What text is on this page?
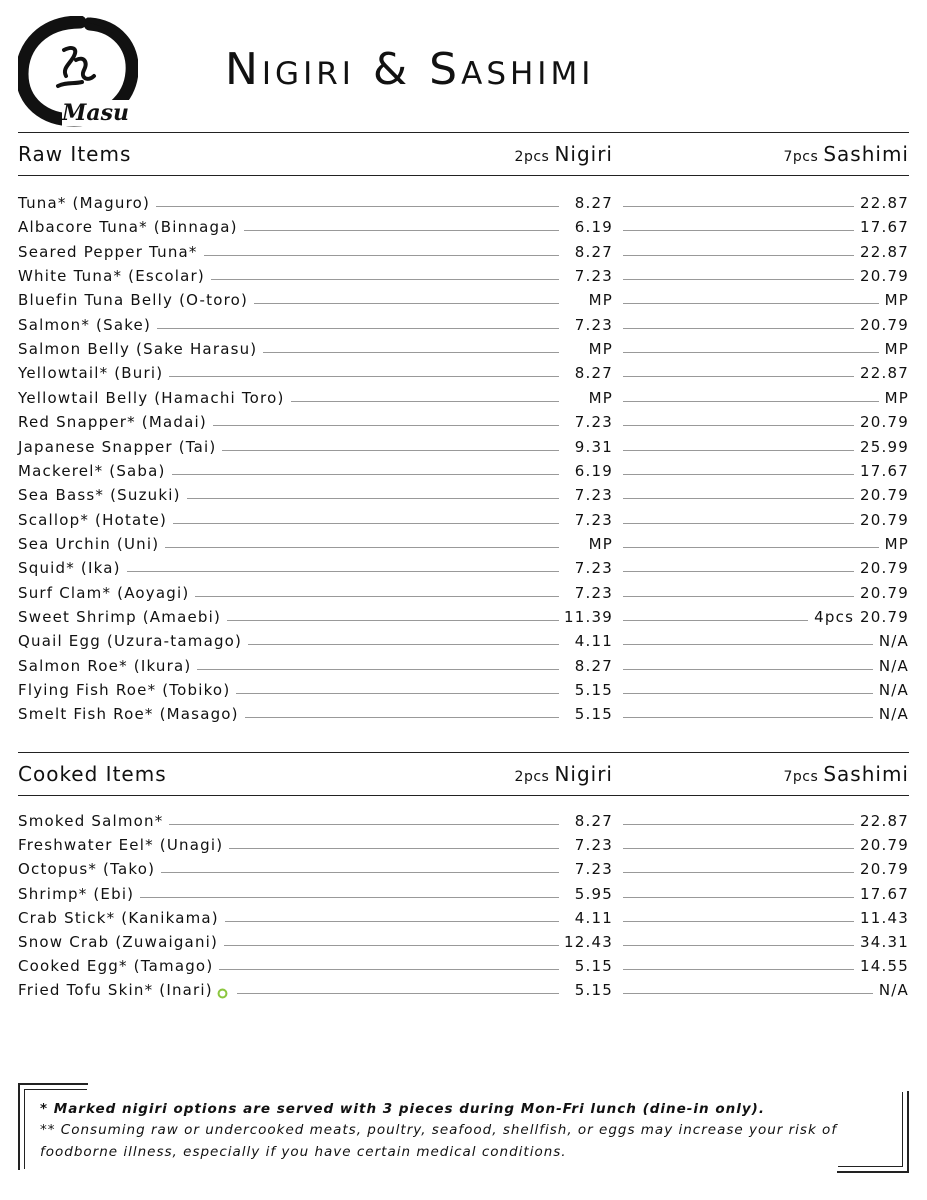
Masu
Nigiri & Sashimi
Raw Items	2pcs Nigiri	7pcs Sashimi
Tuna* (Maguro)	8.27	22.87
Albacore Tuna* (Binnaga)	6.19	17.67
Seared Pepper Tuna*	8.27	22.87
White Tuna* (Escolar)	7.23	20.79
Bluefin Tuna Belly (O-toro)	MP	MP
Salmon* (Sake)	7.23	20.79
Salmon Belly (Sake Harasu)	MP	MP
Yellowtail* (Buri)	8.27	22.87
Yellowtail Belly (Hamachi Toro)	MP	MP
Red Snapper* (Madai)	7.23	20.79
Japanese Snapper (Tai)	9.31	25.99
Mackerel* (Saba)	6.19	17.67
Sea Bass* (Suzuki)	7.23	20.79
Scallop* (Hotate)	7.23	20.79
Sea Urchin (Uni)	MP	MP
Squid* (Ika)	7.23	20.79
Surf Clam* (Aoyagi)	7.23	20.79
Sweet Shrimp (Amaebi)	11.39	4pcs 20.79
Quail Egg (Uzura-tamago)	4.11	N/A
Salmon Roe* (Ikura)	8.27	N/A
Flying Fish Roe* (Tobiko)	5.15	N/A
Smelt Fish Roe* (Masago)	5.15	N/A
Cooked Items	2pcs Nigiri	7pcs Sashimi
Smoked Salmon*	8.27	22.87
Freshwater Eel* (Unagi)	7.23	20.79
Octopus* (Tako)	7.23	20.79
Shrimp* (Ebi)	5.95	17.67
Crab Stick* (Kanikama)	4.11	11.43
Snow Crab (Zuwaigani)	12.43	34.31
Cooked Egg* (Tamago)	5.15	14.55
Fried Tofu Skin* (Inari)	5.15	N/A
* Marked nigiri options are served with 3 pieces during Mon-Fri lunch (dine-in only).
** Consuming raw or undercooked meats, poultry, seafood, shellfish, or eggs may increase your risk of
foodborne illness, especially if you have certain medical conditions.
